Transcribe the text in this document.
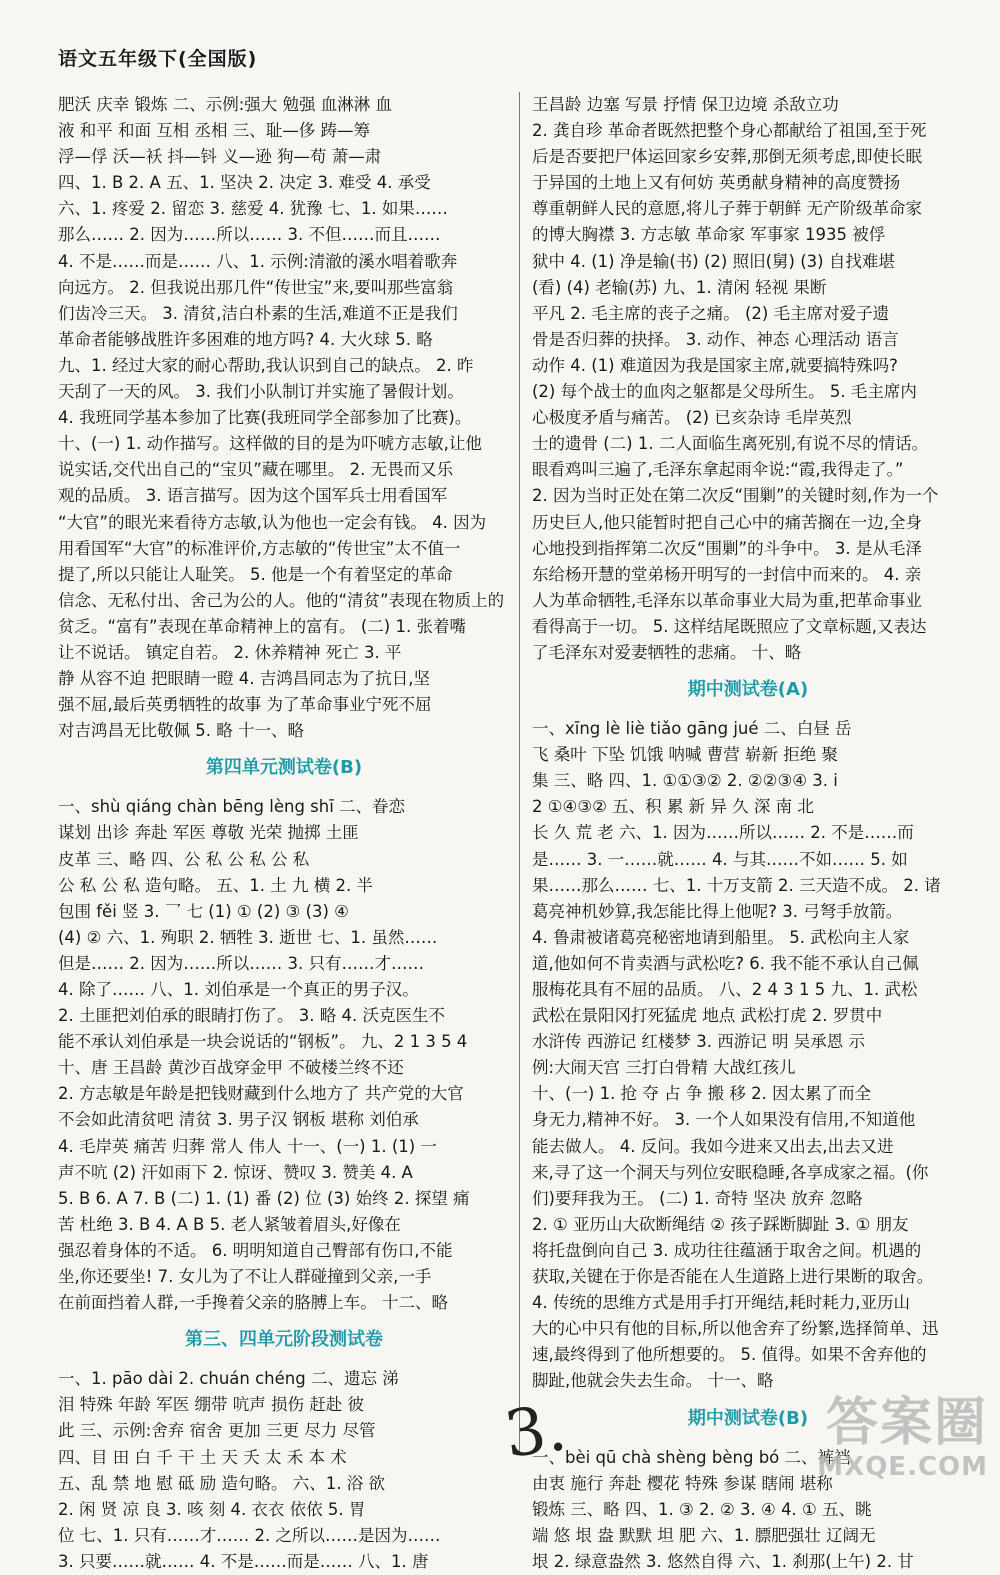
语文五年级下(全国版)
肥沃 庆幸 锻炼 二、示例:强大 勉强 血淋淋 血
液 和平 和面 互相 丞相 三、耻—侈 踌—筹
浮—俘 沃—袄 抖—钭 义—逊 狗—苟 萧—肃
四、1. B 2. A 五、1. 坚决 2. 决定 3. 难受 4. 承受
六、1. 疼爱 2. 留恋 3. 慈爱 4. 犹豫 七、1. 如果……
那么…… 2. 因为……所以…… 3. 不但……而且……
4. 不是……而是…… 八、1. 示例:清澈的溪水唱着歌奔
向远方。 2. 但我说出那几件“传世宝”来,要叫那些富翁
们齿冷三天。 3. 清贫,洁白朴素的生活,难道不正是我们
革命者能够战胜许多困难的地方吗? 4. 大火球 5. 略
九、1. 经过大家的耐心帮助,我认识到自己的缺点。 2. 昨
天刮了一天的风。 3. 我们小队制订并实施了暑假计划。
4. 我班同学基本参加了比赛(我班同学全部参加了比赛)。
十、(一) 1. 动作描写。这样做的目的是为吓唬方志敏,让他
说实话,交代出自己的“宝贝”藏在哪里。 2. 无畏而又乐
观的品质。 3. 语言描写。因为这个国军兵士用看国军
“大官”的眼光来看待方志敏,认为他也一定会有钱。 4. 因为
用看国军“大官”的标准评价,方志敏的“传世宝”太不值一
提了,所以只能让人耻笑。 5. 他是一个有着坚定的革命
信念、无私付出、舍己为公的人。他的“清贫”表现在物质上的
贫乏。“富有”表现在革命精神上的富有。 (二) 1. 张着嘴
让不说话。 镇定自若。 2. 休养精神 死亡 3. 平
静 从容不迫 把眼睛一瞪 4. 吉鸿昌同志为了抗日,坚
强不屈,最后英勇牺牲的故事 为了革命事业宁死不屈
对吉鸿昌无比敬佩 5. 略 十一、略
第四单元测试卷(B)
一、shù qiáng chàn bēng lèng shī 二、眷恋
谋划 出诊 奔赴 军医 尊敬 光荣 抛掷 土匪
皮革 三、略 四、公 私 公 私 公 私
公 私 公 私 造句略。 五、1. 土 九 横 2. 半
包围 fěi 竖 3. 乛 七 (1) ① (2) ③ (3) ④
(4) ② 六、1. 殉职 2. 牺牲 3. 逝世 七、1. 虽然……
但是…… 2. 因为……所以…… 3. 只有……才……
4. 除了…… 八、1. 刘伯承是一个真正的男子汉。
2. 土匪把刘伯承的眼睛打伤了。 3. 略 4. 沃克医生不
能不承认刘伯承是一块会说话的“钢板”。 九、2 1 3 5 4
十、唐 王昌龄 黄沙百战穿金甲 不破楼兰终不还
2. 方志敏是年龄是把钱财藏到什么地方了 共产党的大官
不会如此清贫吧 清贫 3. 男子汉 钢板 堪称 刘伯承
4. 毛岸英 痛苦 归葬 常人 伟人 十一、(一) 1. (1) 一
声不吭 (2) 汗如雨下 2. 惊讶、赞叹 3. 赞美 4. A
5. B 6. A 7. B (二) 1. (1) 番 (2) 位 (3) 始终 2. 探望 痛
苦 杜绝 3. B 4. A B 5. 老人紧皱着眉头,好像在
强忍着身体的不适。 6. 明明知道自己臀部有伤口,不能
坐,你还要坐! 7. 女儿为了不让人群碰撞到父亲,一手
在前面挡着人群,一手搀着父亲的胳膊上车。 十二、略
第三、四单元阶段测试卷
一、1. pāo dài 2. chuán chéng 二、遗忘 涕
泪 特殊 年龄 军医 绷带 吭声 损伤 赶赴 彼
此 三、示例:舍弃 宿舍 更加 三更 尽力 尽管
四、目 田 白 千 干 土 天 夭 太 禾 本 术
五、乱 禁 地 慰 砥 励 造句略。 六、1. 浴 欲
2. 闲 贤 凉 良 3. 咳 刻 4. 衣衣 依依 5. 胃
位 七、1. 只有……才…… 2. 之所以……是因为……
3. 只要……就…… 4. 不是……而是…… 八、1. 唐
王昌龄 边塞 写景 抒情 保卫边境 杀敌立功
2. 龚自珍 革命者既然把整个身心都献给了祖国,至于死
后是否要把尸体运回家乡安葬,那倒无须考虑,即使长眠
于异国的土地上又有何妨 英勇献身精神的高度赞扬
尊重朝鲜人民的意愿,将儿子葬于朝鲜 无产阶级革命家
的博大胸襟 3. 方志敏 革命家 军事家 1935 被俘
狱中 4. (1) 净是输(书) (2) 照旧(舅) (3) 自找难堪
(看) (4) 老输(苏) 九、1. 清闲 轻视 果断
平凡 2. 毛主席的丧子之痛。 (2) 毛主席对爱子遗
骨是否归葬的抉择。 3. 动作、神态 心理活动 语言
动作 4. (1) 难道因为我是国家主席,就要搞特殊吗?
(2) 每个战士的血肉之躯都是父母所生。 5. 毛主席内
心极度矛盾与痛苦。 (2) 已亥杂诗 毛岸英烈
士的遗骨 (二) 1. 二人面临生离死别,有说不尽的情话。
眼看鸡叫三遍了,毛泽东拿起雨伞说:“霞,我得走了。”
2. 因为当时正处在第二次反“围剿”的关键时刻,作为一个
历史巨人,他只能暂时把自己心中的痛苦搁在一边,全身
心地投到指挥第二次反“围剿”的斗争中。 3. 是从毛泽
东给杨开慧的堂弟杨开明写的一封信中而来的。 4. 亲
人为革命牺牲,毛泽东以革命事业大局为重,把革命事业
看得高于一切。 5. 这样结尾既照应了文章标题,又表达
了毛泽东对爱妻牺牲的悲痛。 十、略
期中测试卷(A)
一、xīng lè liè tiǎo gāng jué 二、白昼 岳
飞 桑叶 下坠 饥饿 呐喊 曹营 崭新 拒绝 聚
集 三、略 四、1. ①①③② 2. ②②③④ 3. ⅰ
2 ①④③② 五、积 累 新 异 久 深 南 北
长 久 荒 老 六、1. 因为……所以…… 2. 不是……而
是…… 3. 一……就…… 4. 与其……不如…… 5. 如
果……那么…… 七、1. 十万支箭 2. 三天造不成。 2. 诸
葛亮神机妙算,我怎能比得上他呢? 3. 弓弩手放箭。
4. 鲁肃被诸葛亮秘密地请到船里。 5. 武松向主人家
道,他如何不肯卖酒与武松吃? 6. 我不能不承认自己佩
服梅花具有不屈的品质。 八、2 4 3 1 5 九、1. 武松
武松在景阳冈打死猛虎 地点 武松打虎 2. 罗贯中
水浒传 西游记 红楼梦 3. 西游记 明 吴承恩 示
例:大闹天宫 三打白骨精 大战红孩儿
十、(一) 1. 抢 夺 占 争 搬 移 2. 因太累了而全
身无力,精神不好。 3. 一个人如果没有信用,不知道他
能去做人。 4. 反问。我如今进来又出去,出去又进
来,寻了这一个洞天与列位安眠稳睡,各享成家之福。(你
们)要拜我为王。 (二) 1. 奇特 坚决 放弃 忽略
2. ① 亚历山大砍断绳结 ② 孩子踩断脚趾 3. ① 朋友
将托盘倒向自己 3. 成功往往蕴涵于取舍之间。机遇的
获取,关键在于你是否能在人生道路上进行果断的取舍。
4. 传统的思维方式是用手打开绳结,耗时耗力,亚历山
大的心中只有他的目标,所以他舍弃了纷繁,选择简单、迅
速,最终得到了他所想要的。 5. 值得。如果不舍弃他的
脚趾,他就会失去生命。 十一、略
期中测试卷(B)
一、bèi qū chà shèng bèng bó 二、裤裆
由衷 施行 奔赴 樱花 特殊 参谋 瞎闹 堪称
锻炼 三、略 四、1. ③ 2. ② 3. ④ 4. ① 五、眺
端 悠 垠 盎 默默 坦 肥 六、1. 膘肥强壮 辽阔无
垠 2. 绿意盎然 3. 悠然自得 六、1. 刹那(上午) 2. 甘
3.	答案圈
MXQE.COM
